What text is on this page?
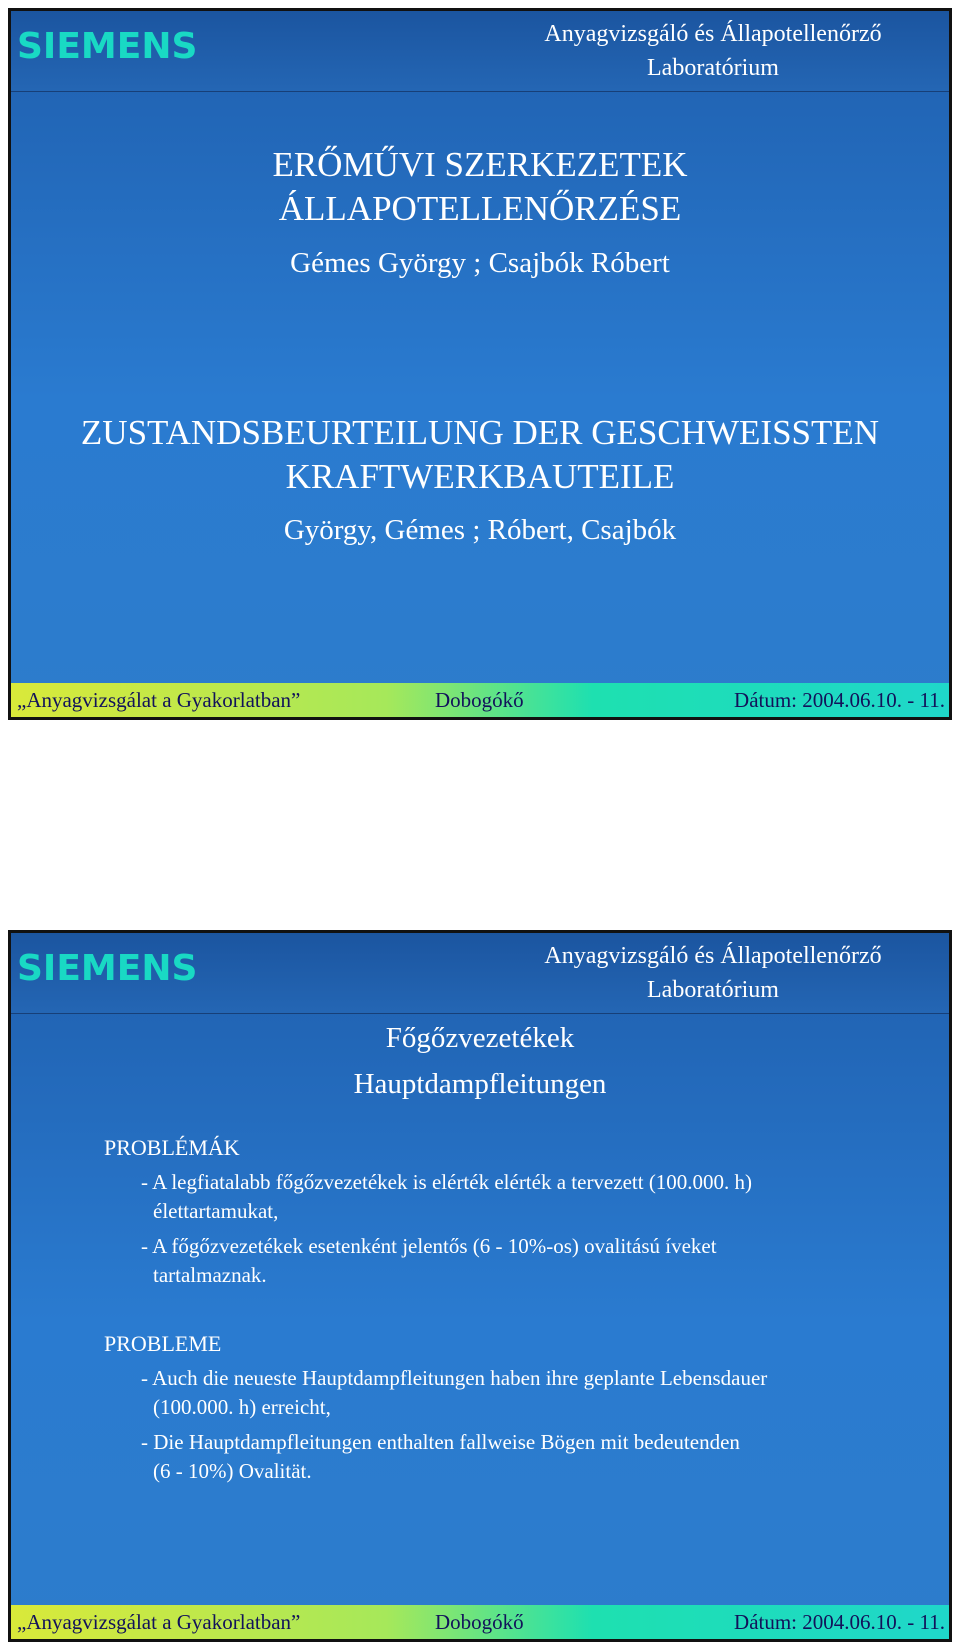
SIEMENS	Anyagvizsgáló és Állapotellenőrző
Laboratórium
ERŐMŰVI SZERKEZETEK
ÁLLAPOTELLENŐRZÉSE
Gémes György ; Csajbók Róbert
ZUSTANDSBEURTEILUNG DER GESCHWEISSTEN
KRAFTWERKBAUTEILE
György, Gémes ; Róbert, Csajbók
„Anyagvizsgálat a Gyakorlatban”	Dobogókő	Dátum: 2004.06.10. - 11.
SIEMENS	Anyagvizsgáló és Állapotellenőrző
Laboratórium
Főgőzvezetékek
Hauptdampfleitungen
PROBLÉMÁK
- A legfiatalabb főgőzvezetékek is elérték elérték a tervezett (100.000. h)
élettartamukat,
- A főgőzvezetékek esetenként jelentős (6 - 10%-os) ovalitású íveket
tartalmaznak.
PROBLEME
- Auch die neueste Hauptdampfleitungen haben ihre geplante Lebensdauer
(100.000. h) erreicht,
- Die Hauptdampfleitungen enthalten fallweise Bögen mit bedeutenden
(6 - 10%) Ovalität.
„Anyagvizsgálat a Gyakorlatban”	Dobogókő	Dátum: 2004.06.10. - 11.
